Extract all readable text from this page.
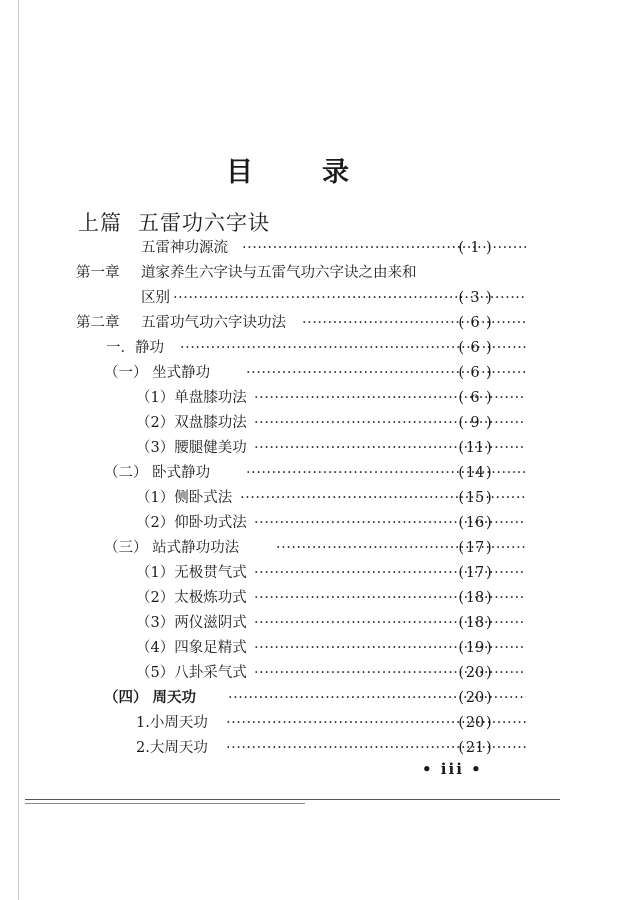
目	录
上篇 五雷功六字诀
五雷神功源流 ·····	( 1 )
第一章 道家养生六字诀与五雷气功六字诀之由来和
区别 ·····	( 3 )
第二章 五雷功气功六字诀功法 ·····	( 6 )
一．静功 ·····	( 6 )
（一） 坐式静功 ·····	( 6 )
（1）单盘膝功法 ·····	( 6 )
（2）双盘膝功法 ·····	( 9 )
（3）腰腿健美功 ·····	( 11 )
（二） 卧式静功 ·····	( 14 )
（1）侧卧式法 ·····	( 15 )
（2）仰卧功式法 ·····	( 16 )
（三） 站式静功功法 ·····	( 17 )
（1）无极贯气式 ·····	( 17 )
（2）太极炼功式 ·····	( 18 )
（3）两仪滋阴式 ·····	( 18 )
（4）四象足精式 ·····	( 19 )
（5）八卦采气式 ·····	( 20 )
（四） 周天功 ·····	( 20 )
1.小周天功 ·····	( 20 )
2.大周天功 ·····	( 21 )
• iii •
